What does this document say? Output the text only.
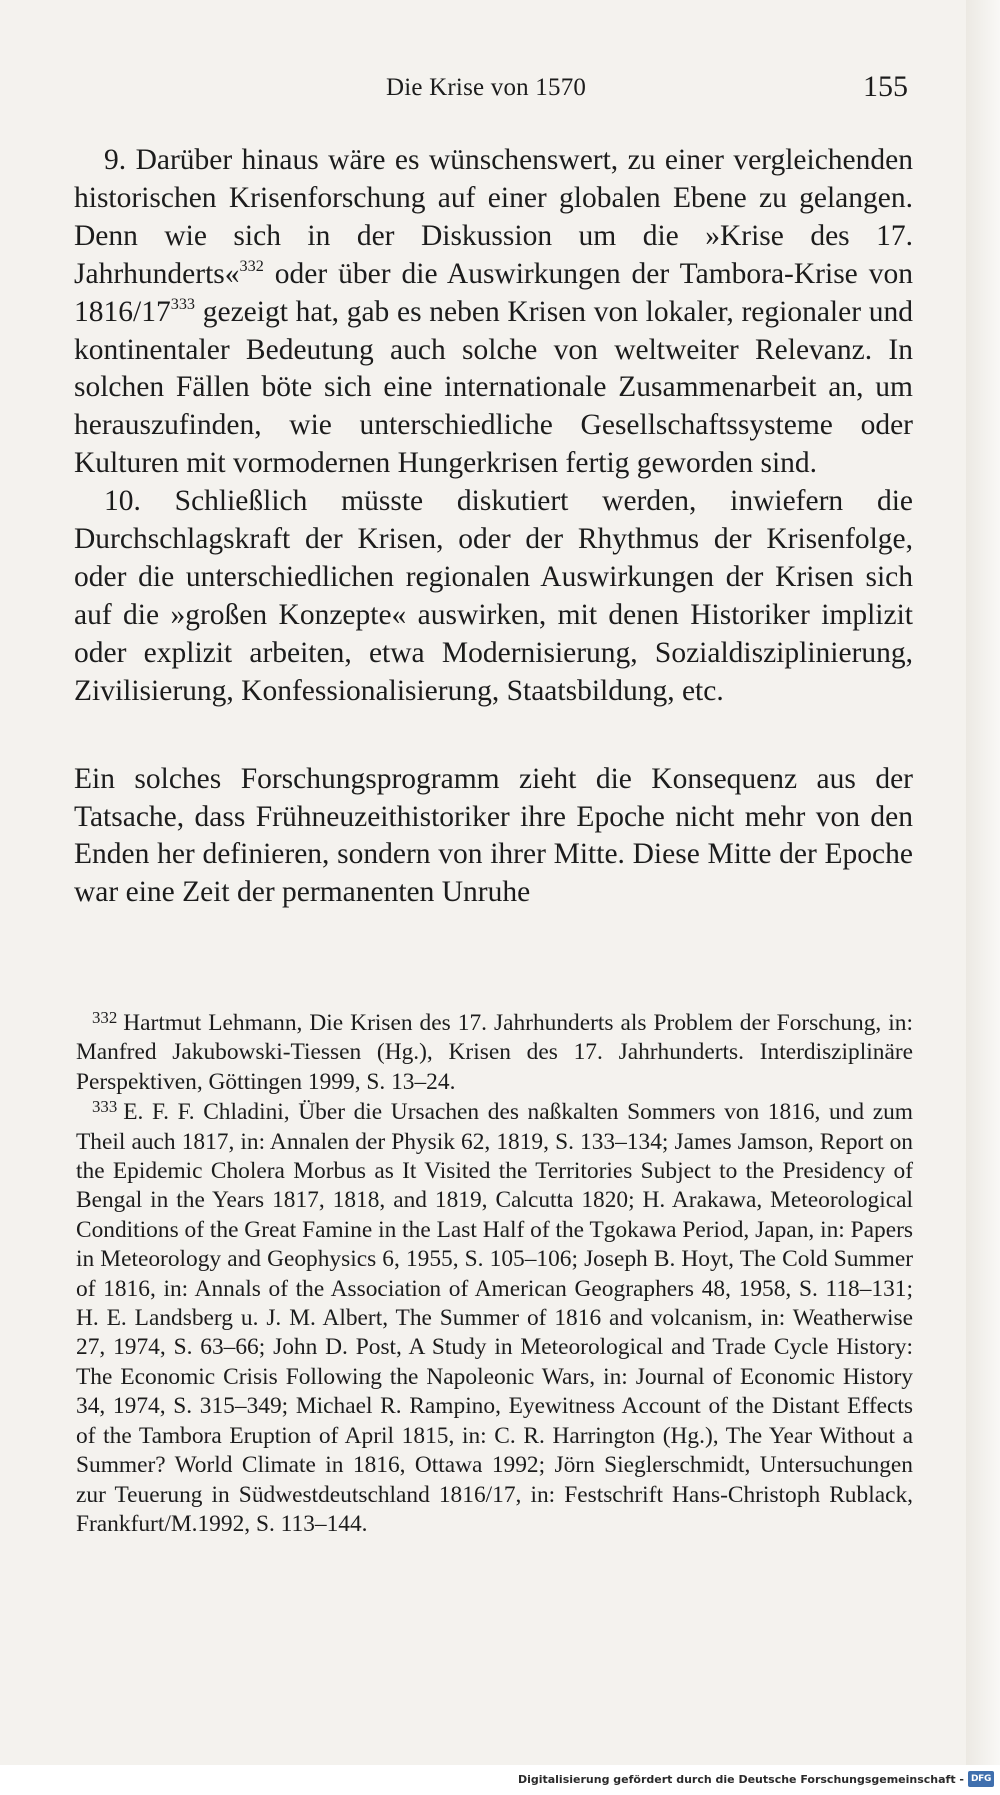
Die Krise von 1570	155

9. Darüber hinaus wäre es wünschenswert, zu einer vergleichenden historischen Krisenforschung auf einer globalen Ebene zu gelangen. Denn wie sich in der Diskussion um die »Krise des 17. Jahrhunderts«$^{332}$ oder über die Auswirkungen der Tambora-Krise von $1816/17^{333}$ gezeigt hat, gab es neben Krisen von lokaler, regionaler und kontinentaler Bedeutung auch solche von weltweiter Relevanz. In solchen Fällen böte sich eine internationale Zusammenarbeit an, um herauszufinden, wie unterschiedliche Gesellschaftssysteme oder Kulturen mit vormodernen Hungerkrisen fertig geworden sind.

10. Schließlich müsste diskutiert werden, inwiefern die Durchschlagskraft der Krisen, oder der Rhythmus der Krisenfolge, oder die unterschiedlichen regionalen Auswirkungen der Krisen sich auf die »großen Konzepte« auswirken, mit denen Historiker implizit oder explizit arbeiten, etwa Modernisierung, Sozialdisziplinierung, Zivilisierung, Konfessionalisierung, Staatsbildung, etc.

Ein solches Forschungsprogramm zieht die Konsequenz aus der Tatsache, dass Frühneuzeithistoriker ihre Epoche nicht mehr von den Enden her definieren, sondern von ihrer Mitte. Diese Mitte der Epoche war eine Zeit der permanenten Unruhe

$^{332}$ Hartmut Lehmann, Die Krisen des 17. Jahrhunderts als Problem der Forschung, in: Manfred Jakubowski-Tiessen (Hg.), Krisen des 17. Jahrhunderts. Interdisziplinäre Perspektiven, Göttingen 1999, S. 13–24.

$^{333}$ E. F. F. Chladini, Über die Ursachen des naßkalten Sommers von 1816, und zum Theil auch 1817, in: Annalen der Physik 62, 1819, S. 133–134; James Jamson, Report on the Epidemic Cholera Morbus as It Visited the Territories Subject to the Presidency of Bengal in the Years 1817, 1818, and 1819, Calcutta 1820; H. Arakawa, Meteorological Conditions of the Great Famine in the Last Half of the Tgokawa Period, Japan, in: Papers in Meteorology and Geophysics 6, 1955, S. 105–106; Joseph B. Hoyt, The Cold Summer of 1816, in: Annals of the Association of American Geographers 48, 1958, S. 118–131; H. E. Landsberg u. J. M. Albert, The Summer of 1816 and volcanism, in: Weatherwise 27, 1974, S. 63–66; John D. Post, A Study in Meteorological and Trade Cycle History: The Economic Crisis Following the Napoleonic Wars, in: Journal of Economic History 34, 1974, S. 315–349; Michael R. Rampino, Eyewitness Account of the Distant Effects of the Tambora Eruption of April 1815, in: C. R. Harrington (Hg.), The Year Without a Summer? World Climate in 1816, Ottawa 1992; Jörn Sieglerschmidt, Untersuchungen zur Teuerung in Südwestdeutschland 1816/17, in: Festschrift Hans-Christoph Rublack, Frankfurt/M.1992, S. 113–144.

Digitalisierung gefördert durch die Deutsche Forschungsgemeinschaft - DFG
